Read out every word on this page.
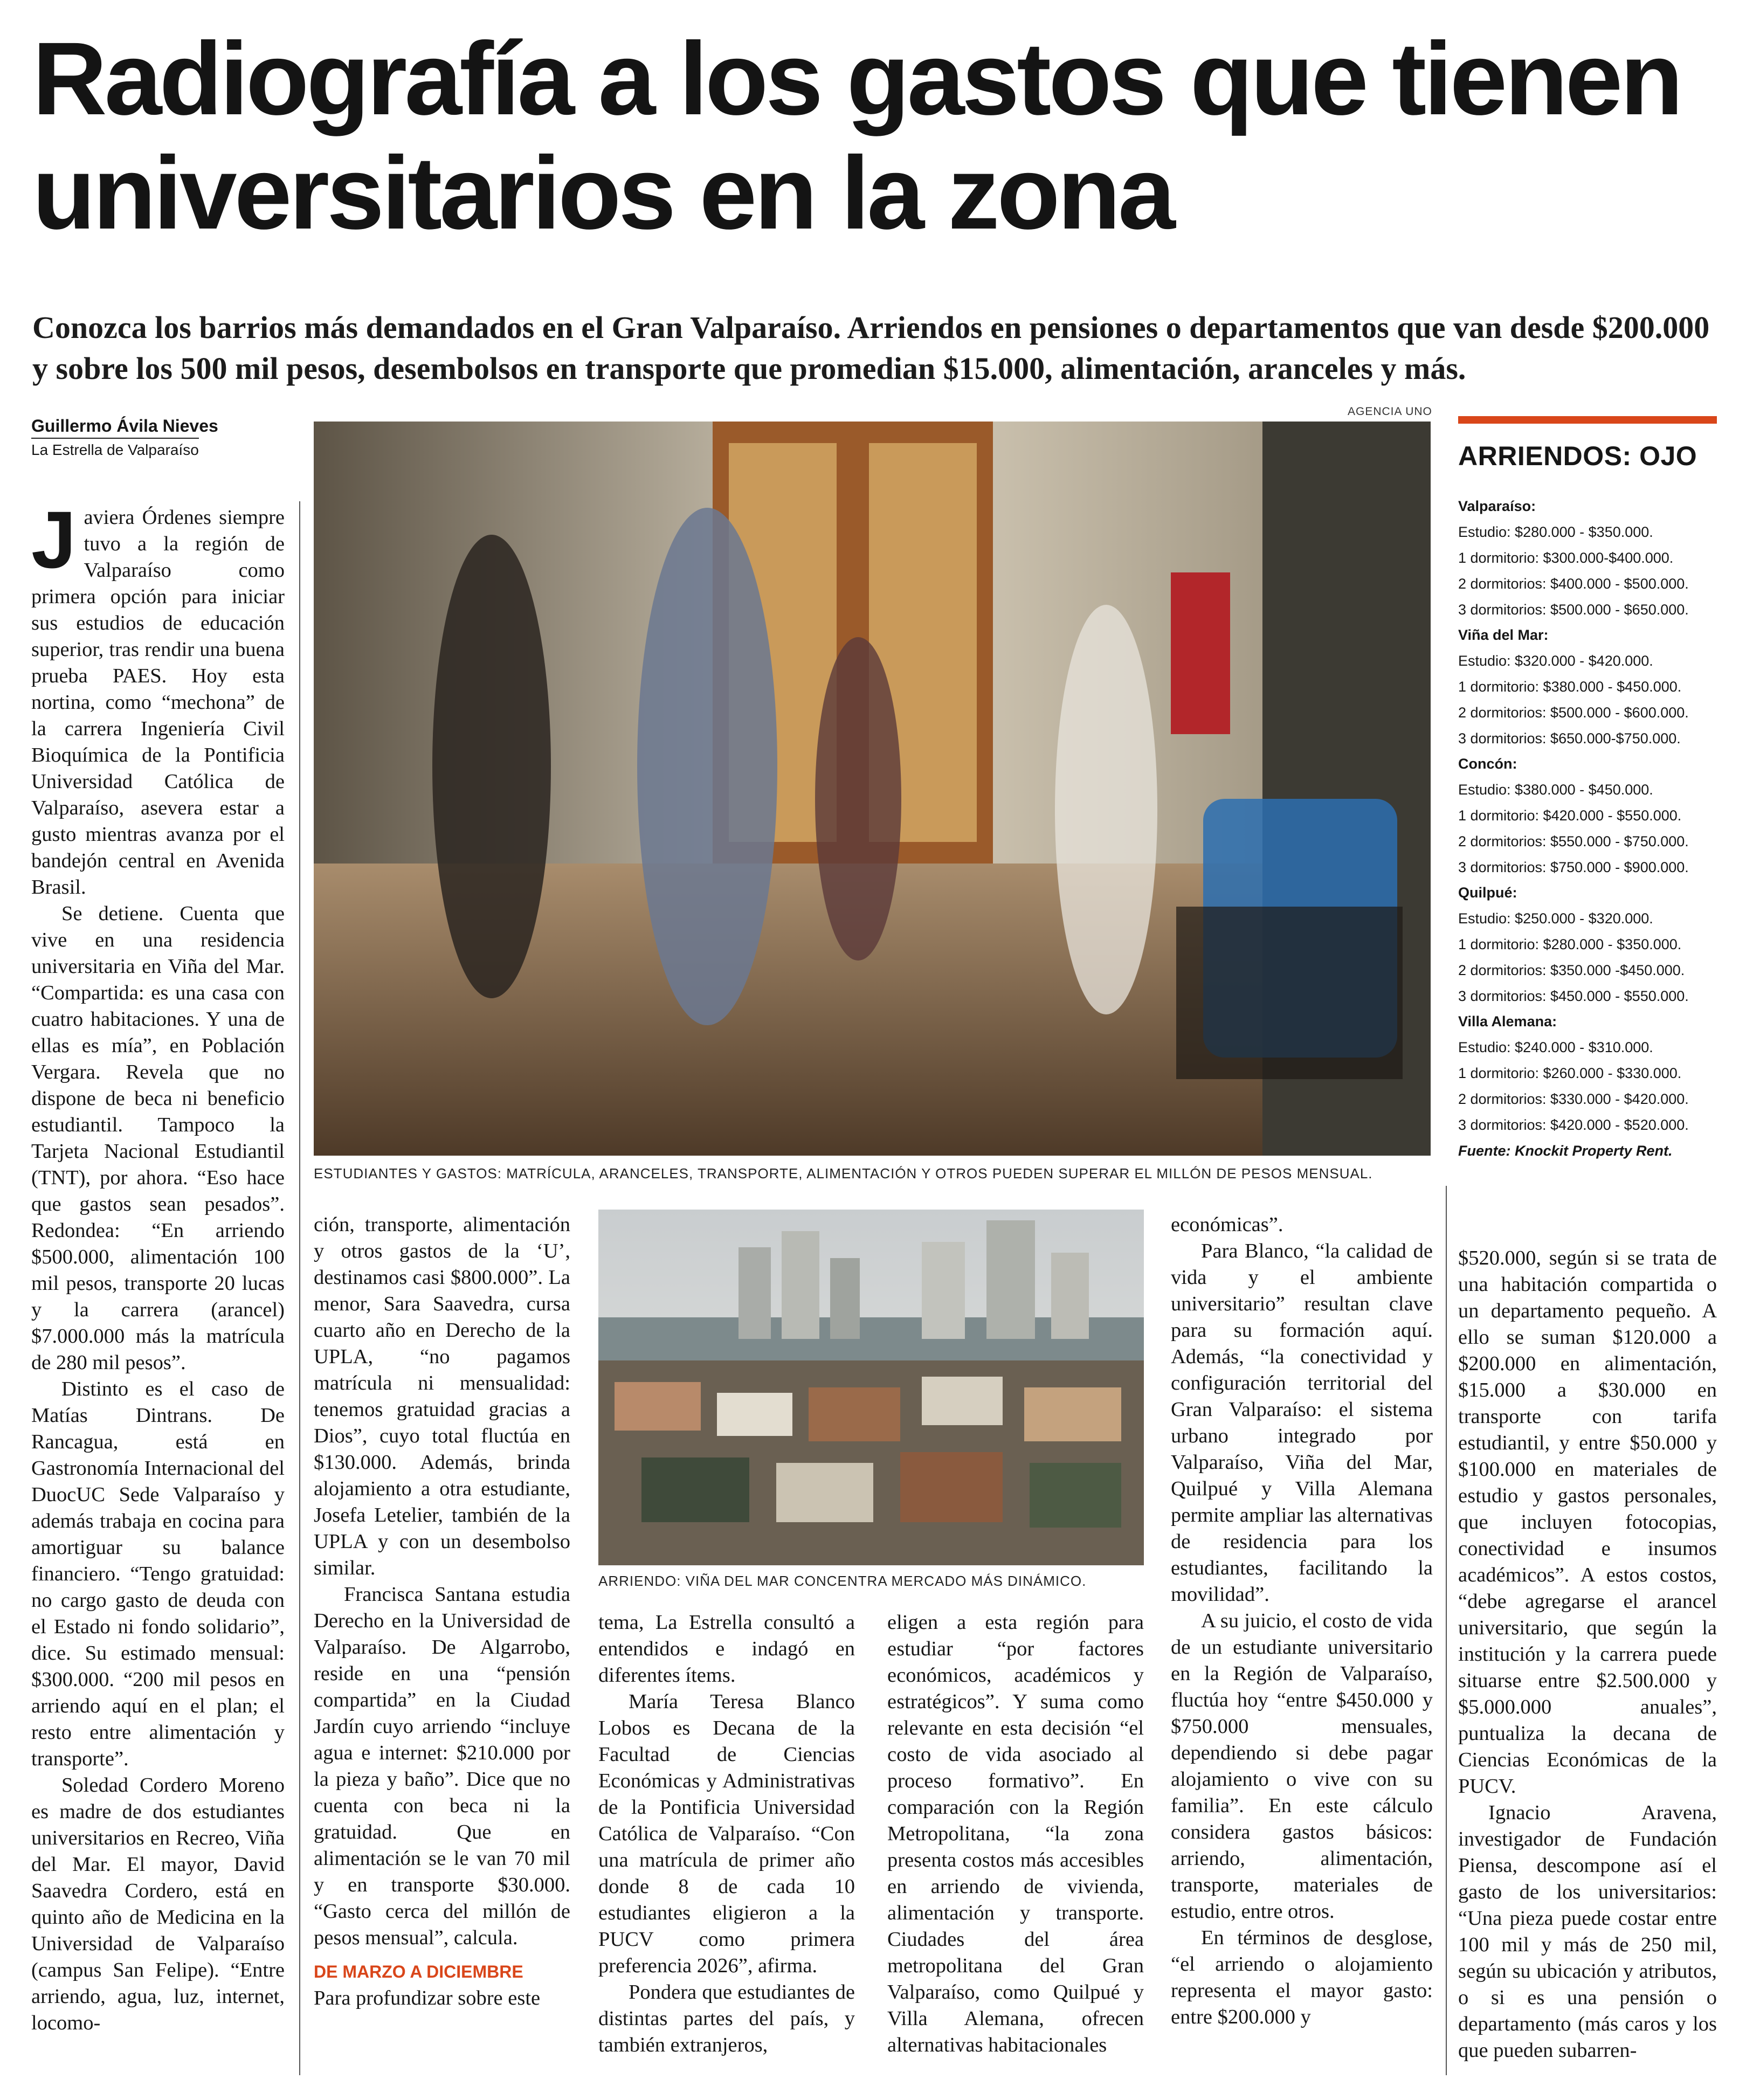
Radiografía a los gastos que tienen universitarios en la zona

Conozca los barrios más demandados en el Gran Valparaíso. Arriendos en pensiones o departamentos que van desde $200.000 y sobre los 500 mil pesos, desembolsos en transporte que promedian $15.000, alimentación, aranceles y más.

Guillermo Ávila Nieves
La Estrella de Valparaíso
AGENCIA UNO
ESTUDIANTES Y GASTOS: MATRÍCULA, ARANCELES, TRANSPORTE, ALIMENTACIÓN Y OTROS PUEDEN SUPERAR EL MILLÓN DE PESOS MENSUAL.
ARRIENDOS: OJO
Valparaíso:
Estudio: $280.000 - $350.000.
1 dormitorio: $300.000-$400.000.
2 dormitorios: $400.000 - $500.000.
3 dormitorios: $500.000 - $650.000.
Viña del Mar:
Estudio: $320.000 - $420.000.
1 dormitorio: $380.000 - $450.000.
2 dormitorios: $500.000 - $600.000.
3 dormitorios: $650.000-$750.000.
Concón:
Estudio: $380.000 - $450.000.
1 dormitorio: $420.000 - $550.000.
2 dormitorios: $550.000 - $750.000.
3 dormitorios: $750.000 - $900.000.
Quilpué:
Estudio: $250.000 - $320.000.
1 dormitorio: $280.000 - $350.000.
2 dormitorios: $350.000 -$450.000.
3 dormitorios: $450.000 - $550.000.
Villa Alemana:
Estudio: $240.000 - $310.000.
1 dormitorio: $260.000 - $330.000.
2 dormitorios: $330.000 - $420.000.
3 dormitorios: $420.000 - $520.000.
Fuente: Knockit Property Rent.

Javiera Órdenes siempre tuvo a la región de Valparaíso como primera opción para iniciar sus estudios de educación superior, tras rendir una buena prueba PAES. Hoy esta nortina, como “mechona” de la carrera Ingeniería Civil Bioquímica de la Pontificia Universidad Católica de Valparaíso, asevera estar a gusto mientras avanza por el bandejón central en Avenida Brasil.

Se detiene. Cuenta que vive en una residencia universitaria en Viña del Mar. “Compartida: es una casa con cuatro habitaciones. Y una de ellas es mía”, en Población Vergara. Revela que no dispone de beca ni beneficio estudiantil. Tampoco la Tarjeta Nacional Estudiantil (TNT), por ahora. “Eso hace que gastos sean pesados”. Redondea: “En arriendo $500.000, alimentación 100 mil pesos, transporte 20 lucas y la carrera (arancel) $7.000.000 más la matrícula de 280 mil pesos”.

Distinto es el caso de Matías Dintrans. De Rancagua, está en Gastronomía Internacional del DuocUC Sede Valparaíso y además trabaja en cocina para amortiguar su balance financiero. “Tengo gratuidad: no cargo gasto de deuda con el Estado ni fondo solidario”, dice. Su estimado mensual: $300.000. “200 mil pesos en arriendo aquí en el plan; el resto entre alimentación y transporte”.

Soledad Cordero Moreno es madre de dos estudiantes universitarios en Recreo, Viña del Mar. El mayor, David Saavedra Cordero, está en quinto año de Medicina en la Universidad de Valparaíso (campus San Felipe). “Entre arriendo, agua, luz, internet, locomo-

ción, transporte, alimentación y otros gastos de la ‘U’, destinamos casi $800.000”. La menor, Sara Saavedra, cursa cuarto año en Derecho de la UPLA, “no pagamos matrícula ni mensualidad: tenemos gratuidad gracias a Dios”, cuyo total fluctúa en $130.000. Además, brinda alojamiento a otra estudiante, Josefa Letelier, también de la UPLA y con un desembolso similar.

Francisca Santana estudia Derecho en la Universidad de Valparaíso. De Algarrobo, reside en una “pensión compartida” en la Ciudad Jardín cuyo arriendo “incluye agua e internet: $210.000 por la pieza y baño”. Dice que no cuenta con beca ni la gratuidad. Que en alimentación se le van 70 mil y en transporte $30.000. “Gasto cerca del millón de pesos mensual”, calcula.

DE MARZO A DICIEMBRE

Para profundizar sobre este

ARRIENDO: VIÑA DEL MAR CONCENTRA MERCADO MÁS DINÁMICO.

tema, La Estrella consultó a entendidos e indagó en diferentes ítems.

María Teresa Blanco Lobos es Decana de la Facultad de Ciencias Económicas y Administrativas de la Pontificia Universidad Católica de Valparaíso. “Con una matrícula de primer año donde 8 de cada 10 estudiantes eligieron a la PUCV como primera preferencia 2026”, afirma.

Pondera que estudiantes de distintas partes del país, y también extranjeros,

eligen a esta región para estudiar “por factores económicos, académicos y estratégicos”. Y suma como relevante en esta decisión “el costo de vida asociado al proceso formativo”. En comparación con la Región Metropolitana, “la zona presenta costos más accesibles en arriendo de vivienda, alimentación y transporte. Ciudades del área metropolitana del Gran Valparaíso, como Quilpué y Villa Alemana, ofrecen alternativas habitacionales

económicas”.

Para Blanco, “la calidad de vida y el ambiente universitario” resultan clave para su formación aquí. Además, “la conectividad y configuración territorial del Gran Valparaíso: el sistema urbano integrado por Valparaíso, Viña del Mar, Quilpué y Villa Alemana permite ampliar las alternativas de residencia para los estudiantes, facilitando la movilidad”.

A su juicio, el costo de vida de un estudiante universitario en la Región de Valparaíso, fluctúa hoy “entre $450.000 y $750.000 mensuales, dependiendo si debe pagar alojamiento o vive con su familia”. En este cálculo considera gastos básicos: arriendo, alimentación, transporte, materiales de estudio, entre otros.

En términos de desglose, “el arriendo o alojamiento representa el mayor gasto: entre $200.000 y

$520.000, según si se trata de una habitación compartida o un departamento pequeño. A ello se suman $120.000 a $200.000 en alimentación, $15.000 a $30.000 en transporte con tarifa estudiantil, y entre $50.000 y $100.000 en materiales de estudio y gastos personales, que incluyen fotocopias, conectividad e insumos académicos”. A estos costos, “debe agregarse el arancel universitario, que según la institución y la carrera puede situarse entre $2.500.000 y $5.000.000 anuales”, puntualiza la decana de Ciencias Económicas de la PUCV.

Ignacio Aravena, investigador de Fundación Piensa, descompone así el gasto de los universitarios: “Una pieza puede costar entre 100 mil y más de 250 mil, según su ubicación y atributos, o si es una pensión o departamento (más caros y los que pueden subarren-
